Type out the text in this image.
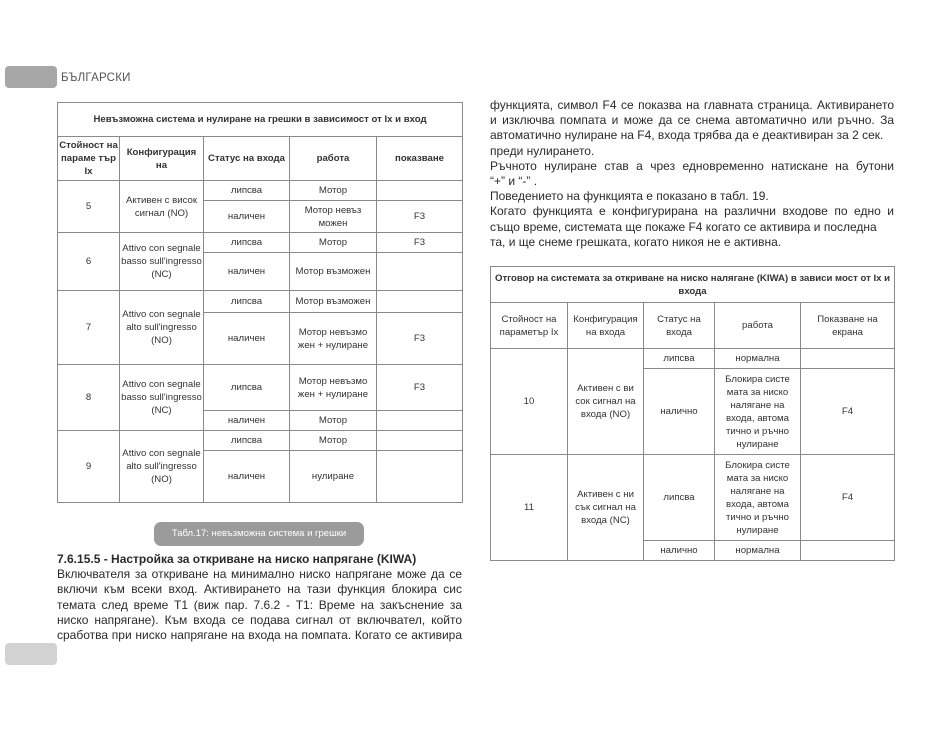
БЪЛГАРСКИ
Невъзможна система и нулиране на грешки в зависимост от Ix и вход				
Стойност на параме тър Ix	Конфигурация на	Статус на входа	работа	показване
5	Активен с висок сигнал (NO)	липсва	Мотор	
		наличен	Мотор невъз можен	F3
6	Attivo con segnale basso sull'ingresso (NC)	липсва	Мотор	F3
		наличен	Мотор възможен	
7	Attivo con segnale alto sull'ingresso (NO)	липсва	Мотор възможен	
		наличен	Мотор невъзмо жен + нулиране	F3
8	Attivo con segnale basso sull'ingresso (NC)	липсва	Мотор невъзмо жен + нулиране	F3
		наличен	Мотор	
9	Attivo con segnale alto sull'ingresso (NO)	липсва	Мотор	
		наличен	нулиране	
Табл.17: невъзможна система и грешки
7.6.15.5 - Настройка за откриване на ниско напрягане (KIWA)
Включвателя за откриване на минимално ниско напрягане може да се
включи към всеки вход. Активирането на тази функция блокира сис
темата след време Т1 (виж пар. 7.6.2 - Т1: Време на закъснение за
ниско напрягане). Към входа се подава сигнал от включвател, който
сработва при ниско напрягане на входа на помпата. Когато се активира
функцията, символ F4 се показва на главната страница. Активирането
и изключва помпата и може да се снема автоматично или ръчно. За
автоматично нулиране на F4, входа трябва да е деактивиран за 2 сек.
преди нулирането.
Ръчното нулиране став а чрез едновременно натискане на бутони
“+” и “-” .
Поведението на функцията е показано в табл. 19.
Когато функцията е конфигурирана на различни входове по едно и
също време, системата ще покаже F4 когато се активира и последна
та, и ще снеме грешката, когато никоя не е активна.
Отговор на системата за откриване на ниско налягане (KIWA) в зависи мост от Ix и входа				
Стойност на параметър Ix	Конфигурация на входа	Статус на входа	работа	Показване на екрана
10	Активен с ви сок сигнал на входа (NO)	липсва	нормална	
		налично	Блокира систе мата за ниско налягане на входа, автома тично и ръчно нулиране	F4
11	Активен с ни сък сигнал на входа (NC)	липсва	Блокира систе мата за ниско налягане на входа, автома тично и ръчно нулиране	F4
		налично	нормална	
